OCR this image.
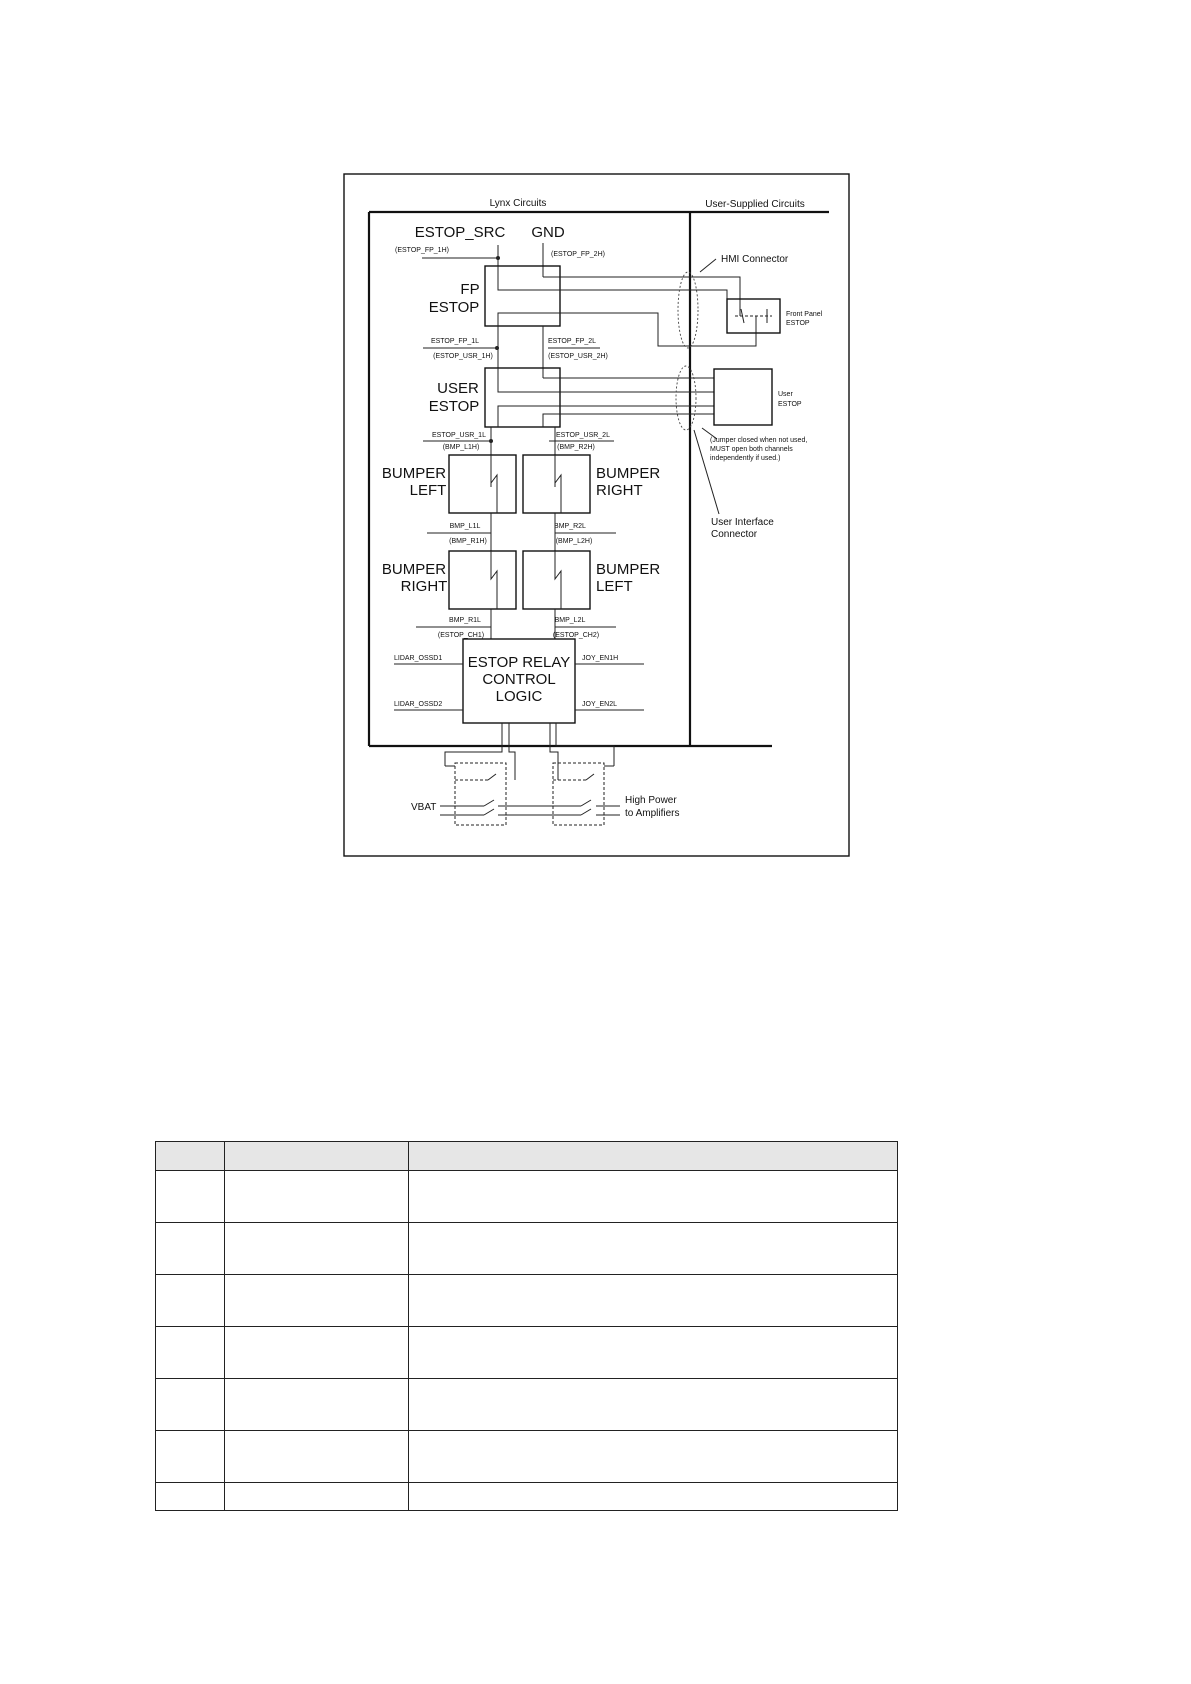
Lynx Circuits	User-Supplied Circuits
ESTOP_SRC GND
(ESTOP_FP_1H)
(ESTOP_FP_2H)
FP
ESTOP
HMI Connector
Front Panel
ESTOP
ESTOP_FP_1L	ESTOP_FP_2L
(ESTOP_USR_1H)	(ESTOP_USR_2H)
USER
ESTOP
User
ESTOP
(Jumper closed when not used,
MUST open both channels
independently if used.)
User Interface
Connector
ESTOP_USR_1L	ESTOP_USR_2L
(BMP_L1H)	(BMP_R2H)
BUMPER
LEFT
BUMPER
RIGHT
BMP_L1L	BMP_R2L
(BMP_R1H)	(BMP_L2H)
BUMPER
RIGHT
BUMPER
LEFT
BMP_R1L	BMP_L2L
(ESTOP_CH1)	(ESTOP_CH2)
ESTOP RELAY
CONTROL
LOGIC
LIDAR_OSSD1
LIDAR_OSSD2
JOY_EN1H
JOY_EN2L
VBAT
High Power
to Amplifiers
